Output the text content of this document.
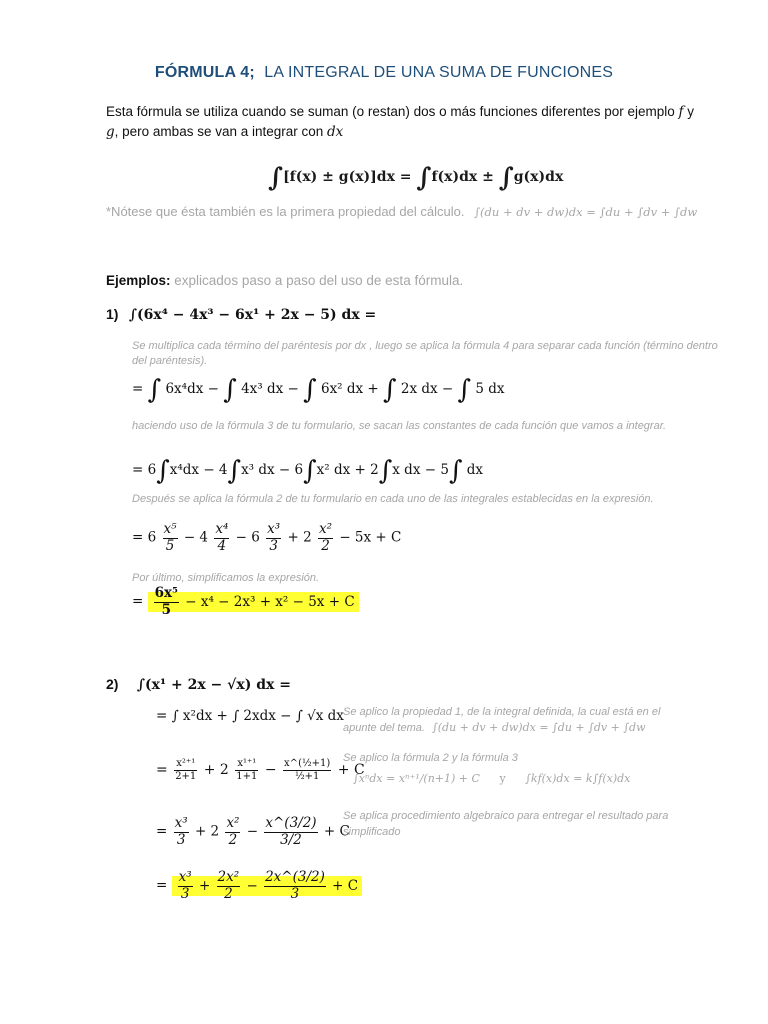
FÓRMULA 4; LA INTEGRAL DE UNA SUMA DE FUNCIONES
Esta fórmula se utiliza cuando se suman (o restan) dos o más funciones diferentes por ejemplo f y g, pero ambas se van a integrar con dx
∫[f(x) ± g(x)]dx = ∫f(x)dx ± ∫g(x)dx
*Nótese que ésta también es la primera propiedad del cálculo. ∫(du + dv + dw)dx = ∫du + ∫dv + ∫dw
Ejemplos: explicados paso a paso del uso de esta fórmula.
1) ∫(6x⁴ − 4x³ − 6x¹ + 2x − 5) dx =
Se multiplica cada término del paréntesis por dx , luego se aplica la fórmula 4 para separar cada función (término dentro del paréntesis).
= ∫ 6x⁴dx − ∫ 4x³ dx − ∫ 6x² dx + ∫ 2x dx − ∫ 5 dx
haciendo uso de la fórmula 3 de tu formulario, se sacan las constantes de cada función que vamos a integrar.
= 6∫x⁴dx − 4∫x³ dx − 6∫x² dx + 2∫x dx − 5∫ dx
Después se aplica la fórmula 2 de tu formulario en cada uno de las integrales establecidas en la expresión.
= $6 \frac{\text{x⁵}}{5} - 4 \frac{\text{x⁴}}{4} - 6 \frac{\text{x³}}{3} + 2 \frac{\text{x²}}{2} - 5x + C$
Por último, simplificamos la expresión.
= $\frac{\text{6x⁵}}{5} - x^4 - 2x^3 + x^2 - 5x + C$
2) ∫(x¹ + 2x − √x) dx =
= ∫ x²dx + ∫ 2xdx − ∫ √x dx Se aplico la propiedad 1, de la integral definida, la cual está en el apunte del tema. ∫(du + dv + dw)dx = ∫du + ∫dv + ∫dw
= $\frac{\text{x²⁺¹}}{2+1} + 2 \frac{\text{x¹⁺¹}}{1+1} - \frac{\text{x\textasciicircum{}(½+1)}}{\text{½+1}} + C$
Se aplico la fórmula 2 y la fórmula 3
∫xⁿdx = xⁿ⁺¹/(n+1) + C y ∫kf(x)dx = k∫f(x)dx
= $\frac{\text{x³}}{3} + 2 \frac{\text{x²}}{2} - \frac{x\^{}(3/2)}{3/2} + C$
Se aplica procedimiento algebraico para entregar el resultado para simplificado
= $\frac{\text{x³}}{3} + \frac{\text{2x²}}{2} - \frac{2x\^{}(3/2)}{3} + C$
